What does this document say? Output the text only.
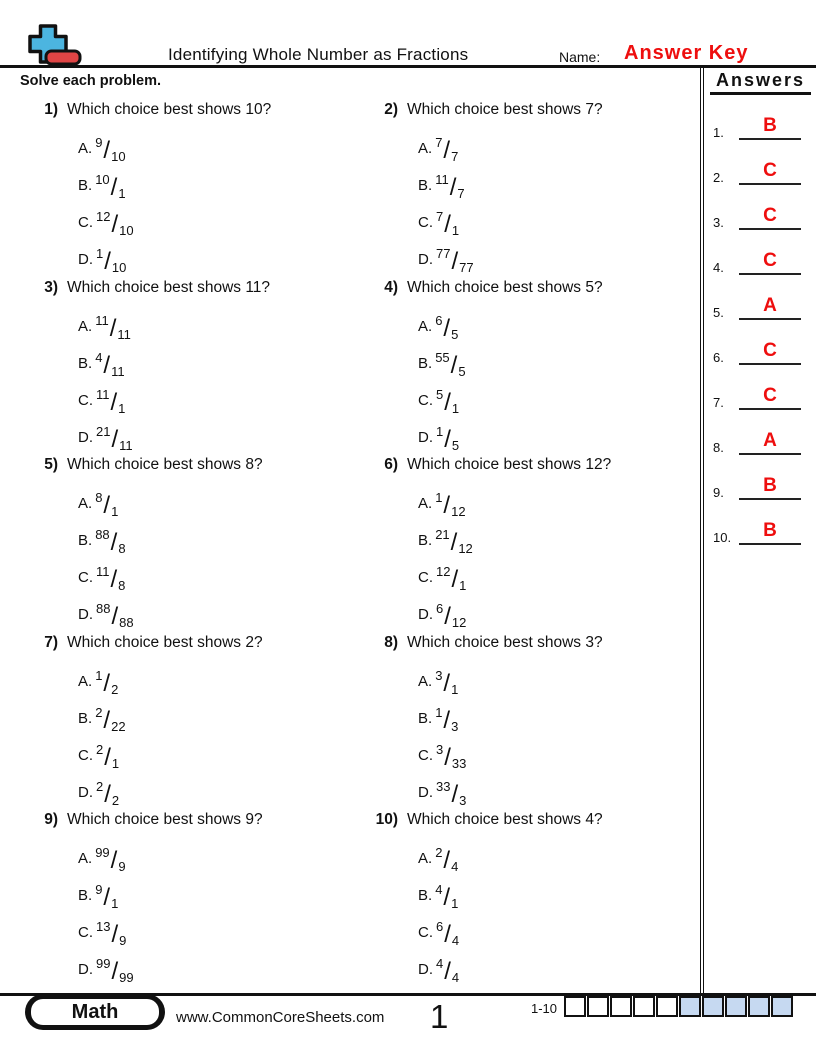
Identifying Whole Number as Fractions	Name: Answer Key
Solve each problem.
1) Which choice best shows 10?
A. $^9$/ $_{10}$
B. $^{10}$/ $_1$
C. $^{12}$/ $_{10}$
D. $^1$/ $_{10}$
2) Which choice best shows 7?
A. $^7$/ $_7$
B. $^{11}$/ $_7$
C. $^7$/ $_1$
D. $^{77}$/ $_{77}$
3) Which choice best shows 11?
A. $^{11}$/ $_{11}$
B. $^4$/ $_{11}$
C. $^{11}$/ $_1$
D. $^{21}$/ $_{11}$
4) Which choice best shows 5?
A. $^6$/ $_5$
B. $^{55}$/ $_5$
C. $^5$/ $_1$
D. $^1$/ $_5$
5) Which choice best shows 8?
A. $^8$/ $_1$
B. $^{88}$/ $_8$
C. $^{11}$/ $_8$
D. $^{88}$/ $_{88}$
6) Which choice best shows 12?
A. $^1$/ $_{12}$
B. $^{21}$/ $_{12}$
C. $^{12}$/ $_1$
D. $^6$/ $_{12}$
7) Which choice best shows 2?
A. $^1$/ $_2$
B. $^2$/ $_{22}$
C. $^2$/ $_1$
D. $^2$/ $_2$
8) Which choice best shows 3?
A. $^3$/ $_1$
B. $^1$/ $_3$
C. $^3$/ $_{33}$
D. $^{33}$/ $_3$
9) Which choice best shows 9?
A. $^{99}$/ $_9$
B. $^9$/ $_1$
C. $^{13}$/ $_9$
D. $^{99}$/ $_{99}$
10) Which choice best shows 4?
A. $^2$/ $_4$
B. $^4$/ $_1$
C. $^6$/ $_4$
D. $^4$/ $_4$
Answers
1.	B
2.	C
3.	C
4.	C
5.	A
6.	C
7.	C
8.	A
9.	B
10.	B
Math	www.CommonCoreSheets.com 1	1-10
